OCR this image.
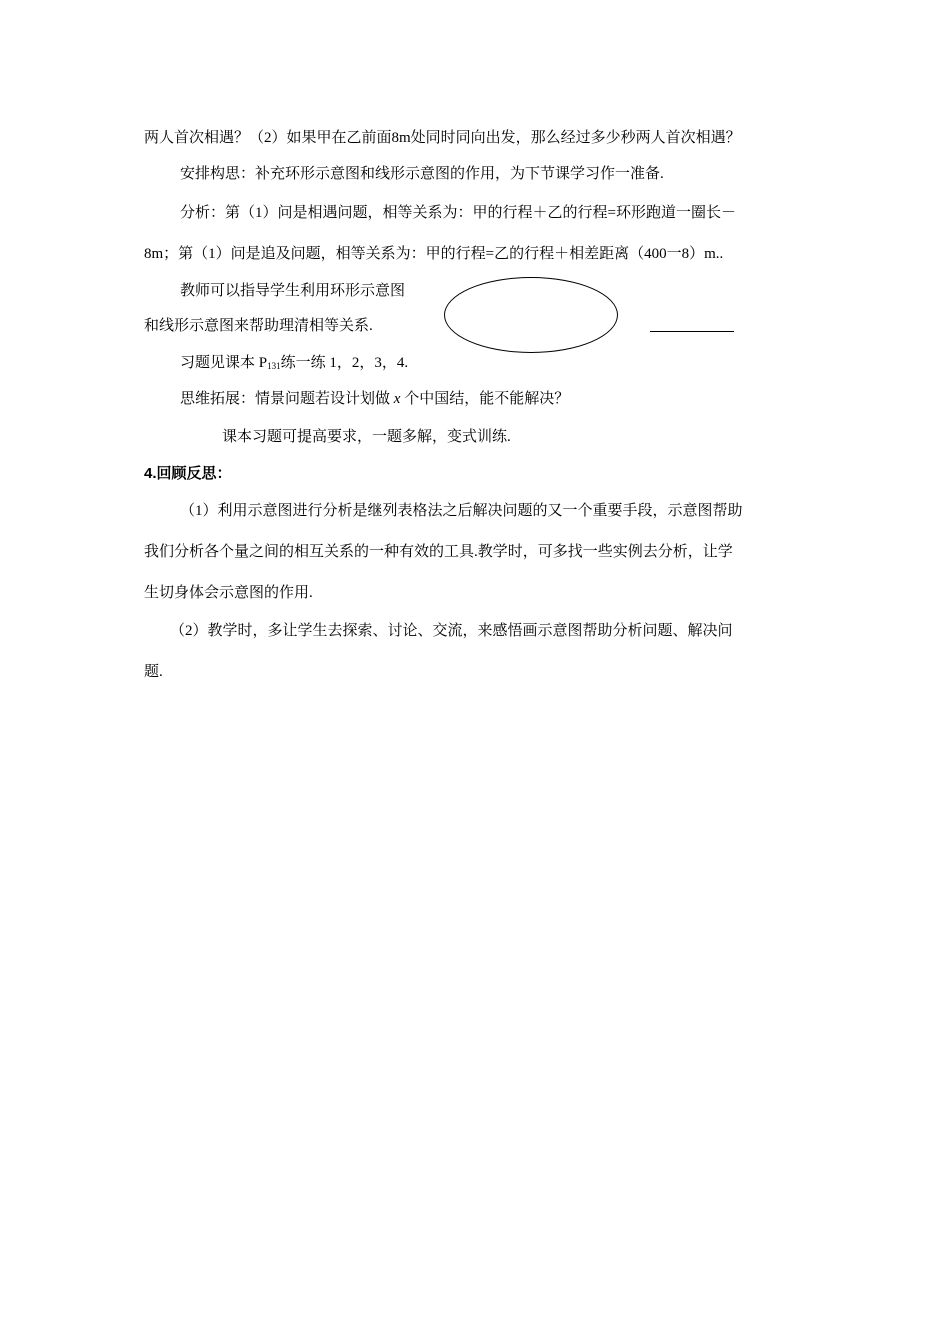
两人首次相遇？（2）如果甲在乙前面8m处同时同向出发，那么经过多少秒两人首次相遇？
安排构思：补充环形示意图和线形示意图的作用，为下节课学习作一准备.
分析：第（1）问是相遇问题，相等关系为：甲的行程＋乙的行程=环形跑道一圈长－
8m；第（1）问是追及问题，相等关系为：甲的行程=乙的行程＋相差距离（400一8）m..
教师可以指导学生利用环形示意图
和线形示意图来帮助理清相等关系.
习题见课本 $P_{131}$练一练 1，2，3，4.
思维拓展：情景问题若设计划做 x 个中国结，能不能解决？
课本习题可提高要求，一题多解，变式训练.
4.回顾反思：
（1）利用示意图进行分析是继列表格法之后解决问题的又一个重要手段，示意图帮助
我们分析各个量之间的相互关系的一种有效的工具.教学时，可多找一些实例去分析，让学
生切身体会示意图的作用.
（2）教学时，多让学生去探索、讨论、交流，来感悟画示意图帮助分析问题、解决问
题.
